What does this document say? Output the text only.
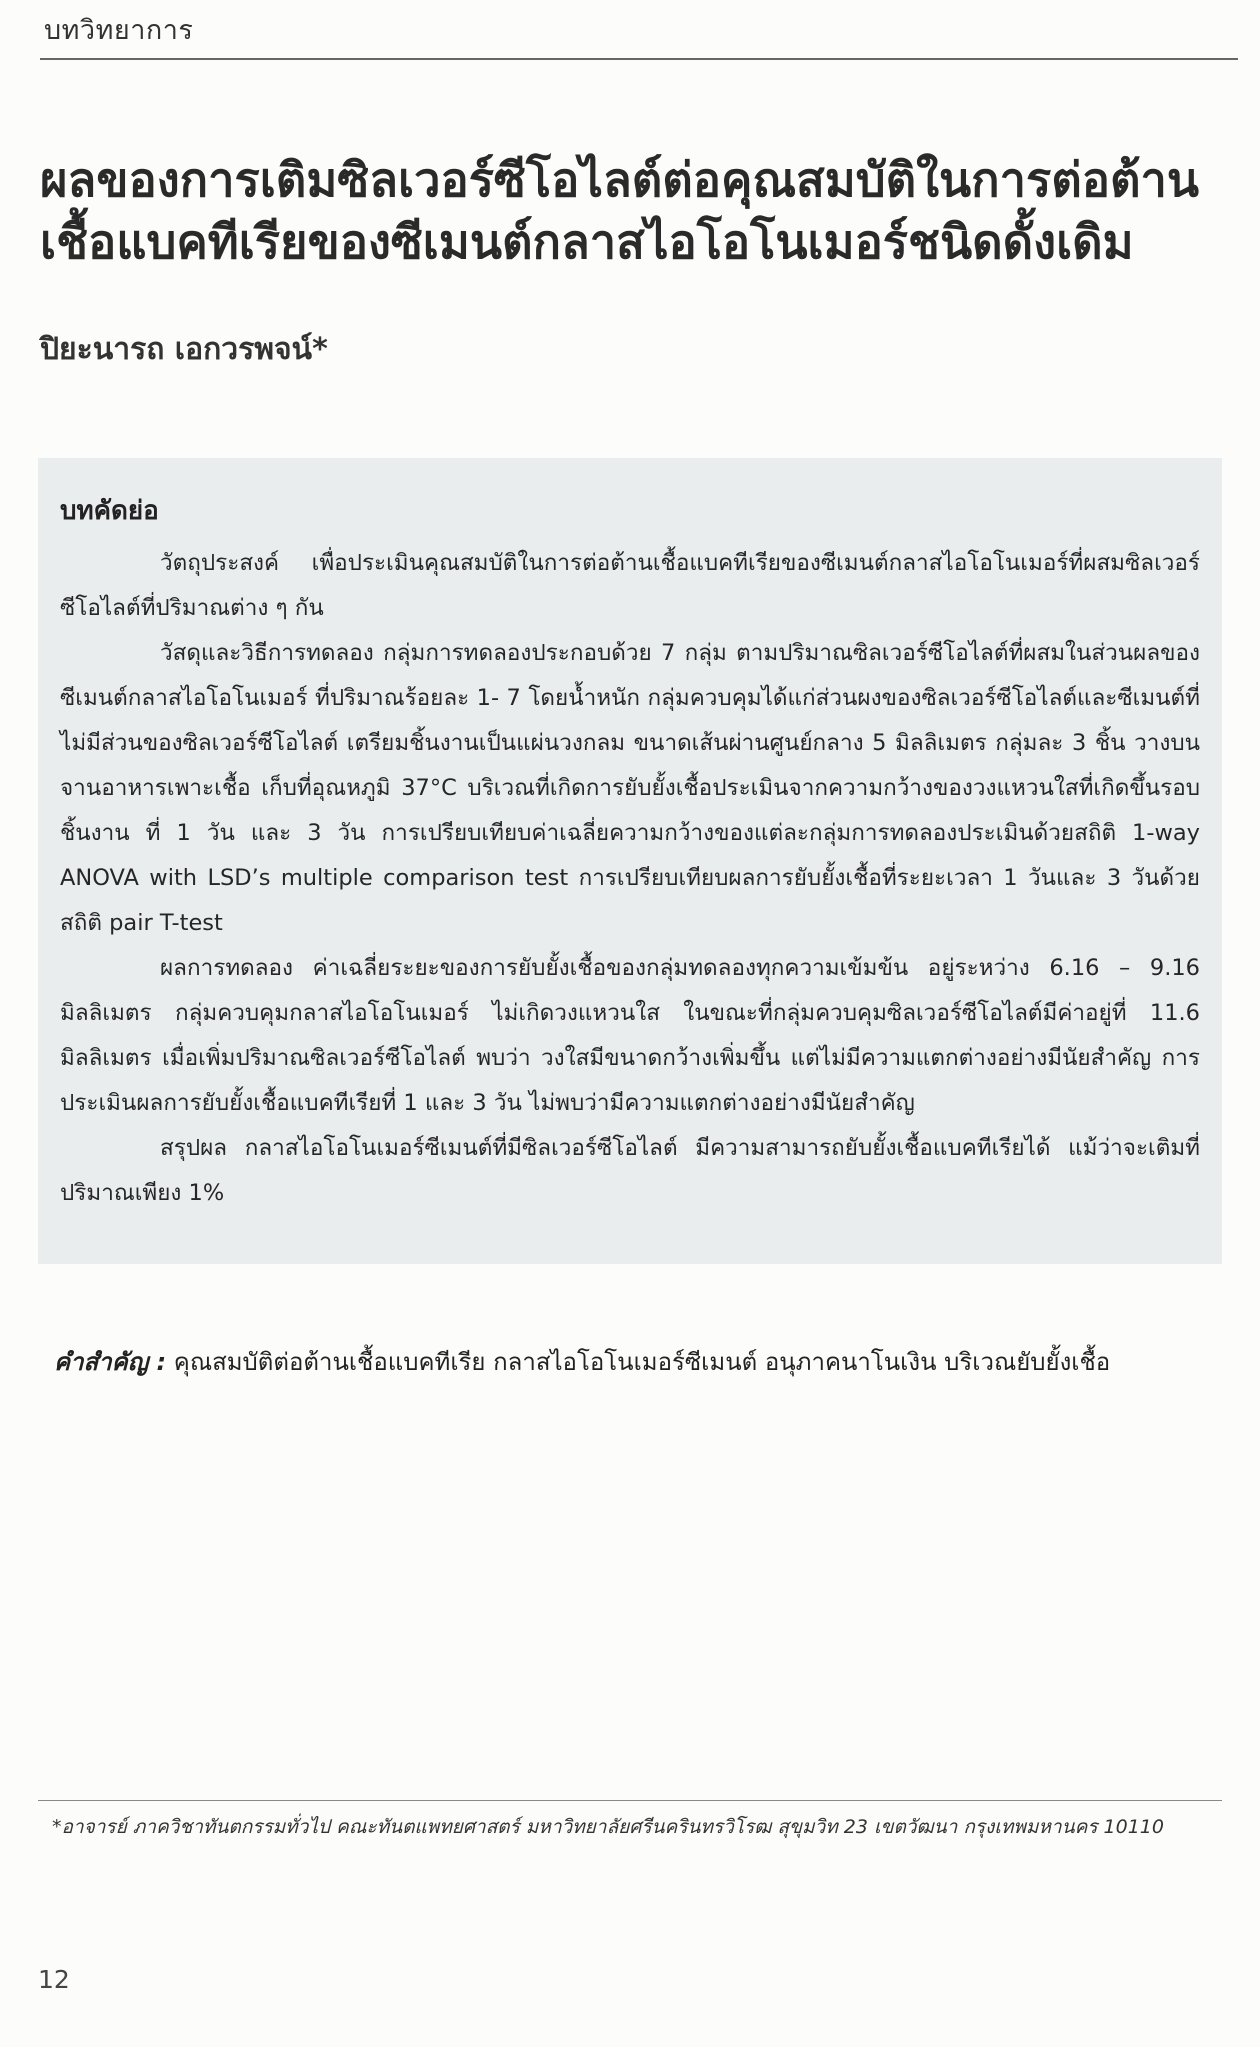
บทวิทยาการ
ผลของการเติมซิลเวอร์ซีโอไลต์ต่อคุณสมบัติในการต่อต้านเชื้อแบคทีเรียของซีเมนต์กลาสไอโอโนเมอร์ชนิดดั้งเดิม
ปิยะนารถ เอกวรพจน์*
บทคัดย่อ

วัตถุประสงค์ เพื่อประเมินคุณสมบัติในการต่อต้านเชื้อแบคทีเรียของซีเมนต์กลาสไอโอโนเมอร์ที่ผสมซิลเวอร์ซีโอไลต์ที่ปริมาณต่าง ๆ กัน

วัสดุและวิธีการทดลอง กลุ่มการทดลองประกอบด้วย 7 กลุ่ม ตามปริมาณซิลเวอร์ซีโอไลต์ที่ผสมในส่วนผลของซีเมนต์กลาสไอโอโนเมอร์ ที่ปริมาณร้อยละ 1- 7 โดยน้ำหนัก กลุ่มควบคุมได้แก่ส่วนผงของซิลเวอร์ซีโอไลต์และซีเมนต์ที่ไม่มีส่วนของซิลเวอร์ซีโอไลต์ เตรียมชิ้นงานเป็นแผ่นวงกลม ขนาดเส้นผ่านศูนย์กลาง 5 มิลลิเมตร กลุ่มละ 3 ชิ้น วางบนจานอาหารเพาะเชื้อ เก็บที่อุณหภูมิ 37°C บริเวณที่เกิดการยับยั้งเชื้อประเมินจากความกว้างของวงแหวนใสที่เกิดขึ้นรอบชิ้นงาน ที่ 1 วัน และ 3 วัน การเปรียบเทียบค่าเฉลี่ยความกว้างของแต่ละกลุ่มการทดลองประเมินด้วยสถิติ 1-way ANOVA with LSD’s multiple comparison test การเปรียบเทียบผลการยับยั้งเชื้อที่ระยะเวลา 1 วันและ 3 วันด้วยสถิติ pair T-test

ผลการทดลอง ค่าเฉลี่ยระยะของการยับยั้งเชื้อของกลุ่มทดลองทุกความเข้มข้น อยู่ระหว่าง 6.16 – 9.16 มิลลิเมตร กลุ่มควบคุมกลาสไอโอโนเมอร์ ไม่เกิดวงแหวนใส ในขณะที่กลุ่มควบคุมซิลเวอร์ซีโอไลต์มีค่าอยู่ที่ 11.6 มิลลิเมตร เมื่อเพิ่มปริมาณซิลเวอร์ซีโอไลต์ พบว่า วงใสมีขนาดกว้างเพิ่มขึ้น แต่ไม่มีความแตกต่างอย่างมีนัยสำคัญ การประเมินผลการยับยั้งเชื้อแบคทีเรียที่ 1 และ 3 วัน ไม่พบว่ามีความแตกต่างอย่างมีนัยสำคัญ

สรุปผล กลาสไอโอโนเมอร์ซีเมนต์ที่มีซิลเวอร์ซีโอไลต์ มีความสามารถยับยั้งเชื้อแบคทีเรียได้ แม้ว่าจะเติมที่ปริมาณเพียง 1%

คำสำคัญ : คุณสมบัติต่อต้านเชื้อแบคทีเรีย กลาสไอโอโนเมอร์ซีเมนต์ อนุภาคนาโนเงิน บริเวณยับยั้งเชื้อ
*อาจารย์ ภาควิชาทันตกรรมทั่วไป คณะทันตแพทยศาสตร์ มหาวิทยาลัยศรีนครินทรวิโรฒ สุขุมวิท 23 เขตวัฒนา กรุงเทพมหานคร 10110
12
